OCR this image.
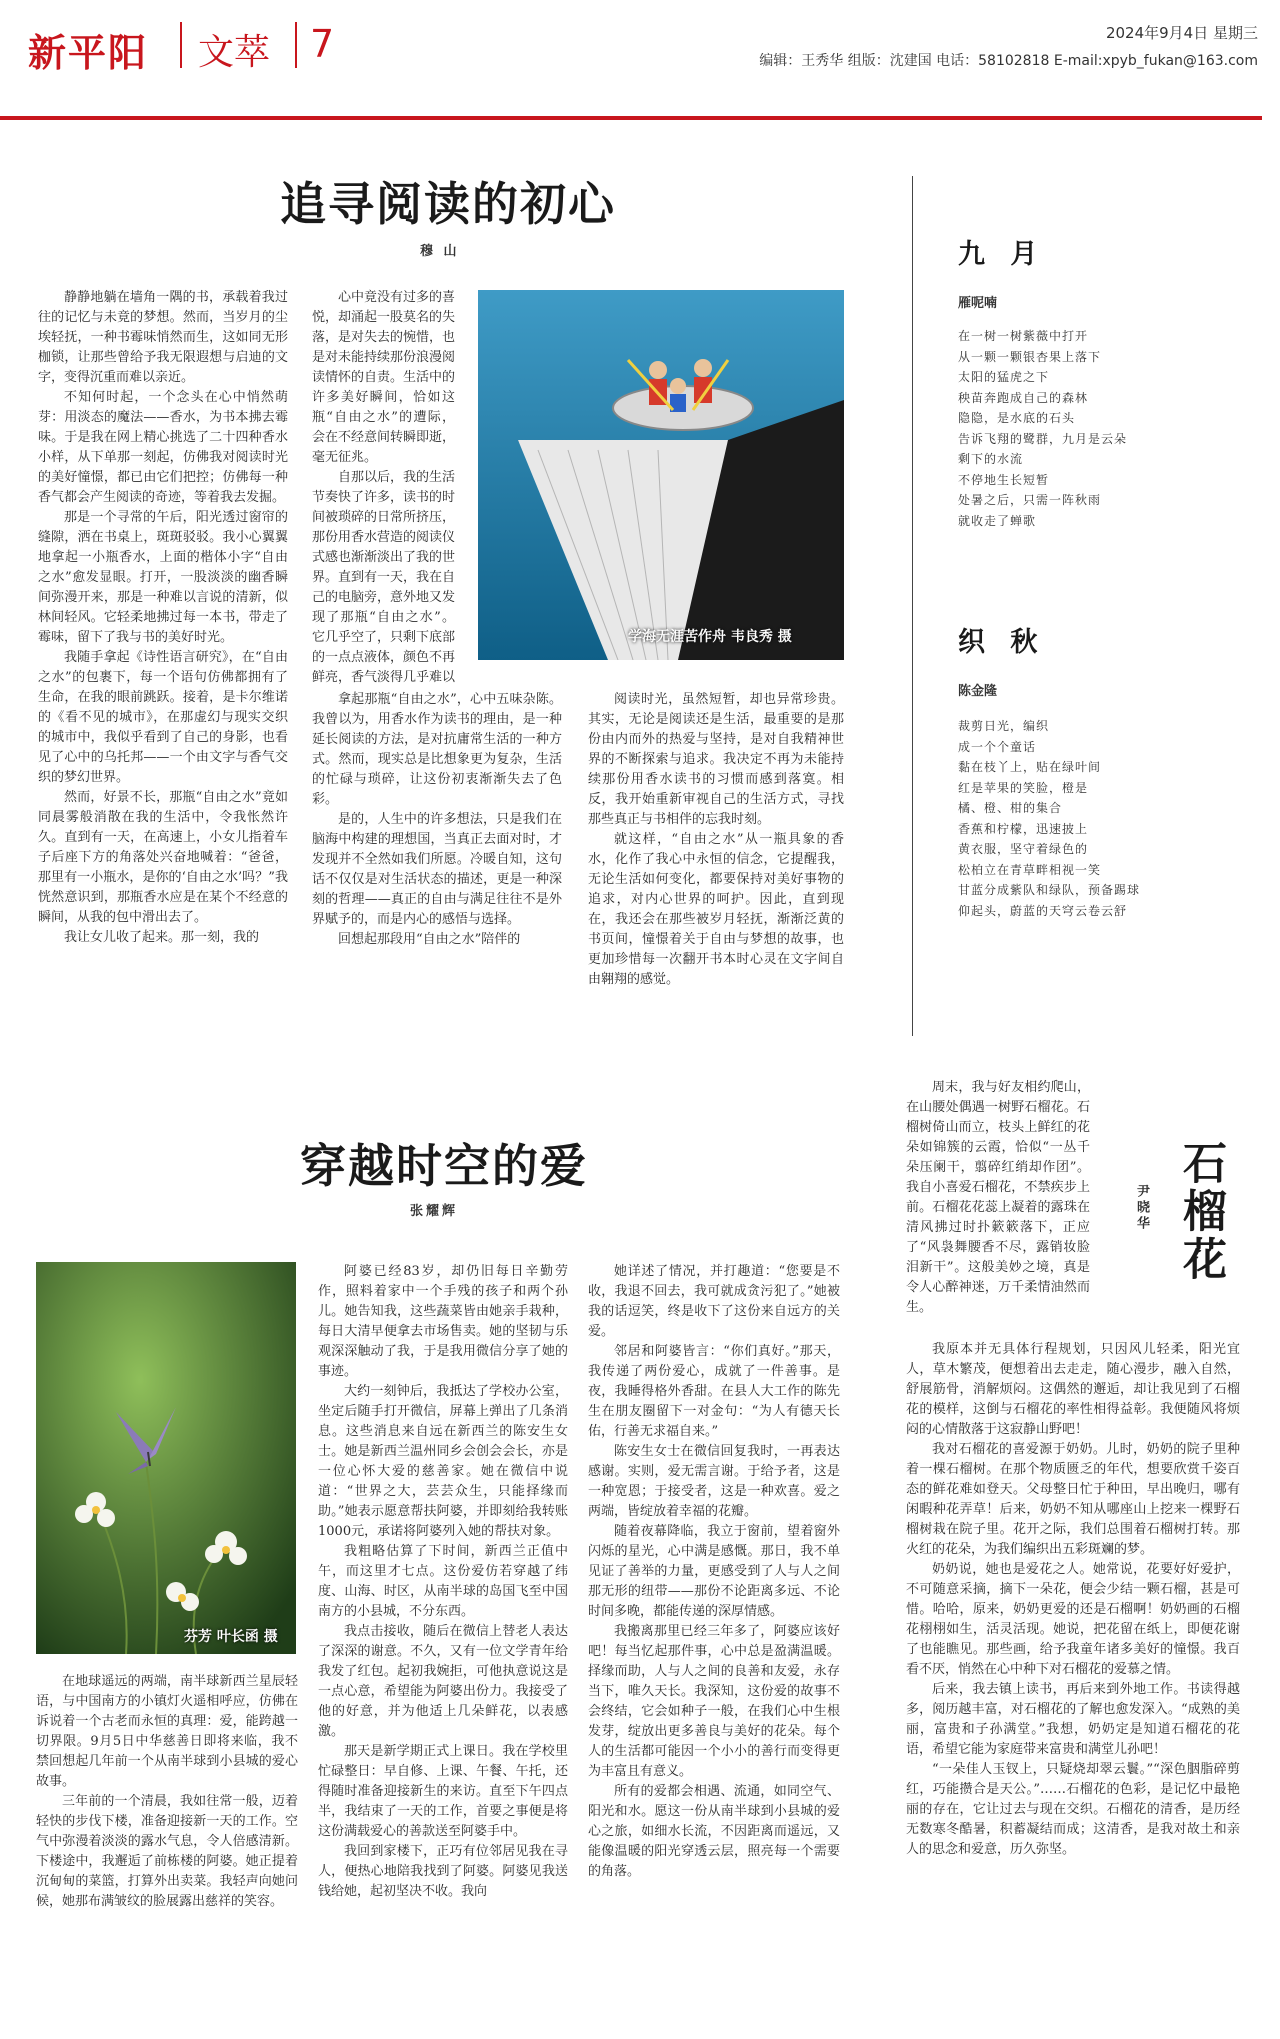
新平阳 文萃 7	2024年9月4日 星期三
编辑：王秀华 组版：沈建国 电话：58102818 E-mail:xpyb_fukan@163.com
追寻阅读的初心
穆 山

静静地躺在墙角一隅的书，承载着我过往的记忆与未竟的梦想。然而，当岁月的尘埃轻抚，一种书霉味悄然而生，这如同无形枷锁，让那些曾给予我无限遐想与启迪的文字，变得沉重而难以亲近。

不知何时起，一个念头在心中悄然萌芽：用淡态的魔法——香水，为书本拂去霉味。于是我在网上精心挑选了二十四种香水小样，从下单那一刻起，仿佛我对阅读时光的美好憧憬，都已由它们把控；仿佛每一种香气都会产生阅读的奇迹，等着我去发掘。

那是一个寻常的午后，阳光透过窗帘的缝隙，洒在书桌上，斑斑驳驳。我小心翼翼地拿起一小瓶香水，上面的楷体小字“自由之水”愈发显眼。打开，一股淡淡的幽香瞬间弥漫开来，那是一种难以言说的清新，似林间轻风。它轻柔地拂过每一本书，带走了霉味，留下了我与书的美好时光。

我随手拿起《诗性语言研究》，在“自由之水”的包裹下，每一个语句仿佛都拥有了生命，在我的眼前跳跃。接着，是卡尔维诺的《看不见的城市》，在那虚幻与现实交织的城市中，我似乎看到了自己的身影，也看见了心中的乌托邦——一个由文字与香气交织的梦幻世界。

然而，好景不长，那瓶“自由之水”竟如同晨雾般消散在我的生活中，令我怅然许久。直到有一天，在高速上，小女儿指着车子后座下方的角落处兴奋地喊着：“爸爸，那里有一小瓶水，是你的‘自由之水’吗？”我恍然意识到，那瓶香水应是在某个不经意的瞬间，从我的包中滑出去了。

我让女儿收了起来。那一刻，我的

心中竟没有过多的喜悦，却涌起一股莫名的失落，是对失去的惋惜，也是对未能持续那份浪漫阅读情怀的自责。生活中的许多美好瞬间，恰如这瓶“自由之水”的遭际，会在不经意间转瞬即逝，毫无征兆。

自那以后，我的生活节奏快了许多，读书的时间被琐碎的日常所挤压，那份用香水营造的阅读仪式感也渐渐淡出了我的世界。直到有一天，我在自己的电脑旁，意外地又发现了那瓶“自由之水”。它几乎空了，只剩下底部的一点点液体，颜色不再鲜亮，香气淡得几乎难以

拿起那瓶“自由之水”，心中五味杂陈。我曾以为，用香水作为读书的理由，是一种延长阅读的方法，是对抗庸常生活的一种方式。然而，现实总是比想象更为复杂，生活的忙碌与琐碎，让这份初衷渐渐失去了色彩。

是的，人生中的许多想法，只是我们在脑海中构建的理想国，当真正去面对时，才发现并不全然如我们所愿。冷暖自知，这句话不仅仅是对生活状态的描述，更是一种深刻的哲理——真正的自由与满足往往不是外界赋予的，而是内心的感悟与选择。

回想起那段用“自由之水”陪伴的

学海无涯苦作舟 韦良秀 摄

阅读时光，虽然短暂，却也异常珍贵。其实，无论是阅读还是生活，最重要的是那份由内而外的热爱与坚持，是对自我精神世界的不断探索与追求。我决定不再为未能持续那份用香水读书的习惯而感到落寞。相反，我开始重新审视自己的生活方式，寻找那些真正与书相伴的忘我时刻。

就这样，“自由之水”从一瓶具象的香水，化作了我心中永恒的信念，它提醒我，无论生活如何变化，都要保持对美好事物的追求，对内心世界的呵护。因此，直到现在，我还会在那些被岁月轻抚，渐渐泛黄的书页间，憧憬着关于自由与梦想的故事，也更加珍惜每一次翻开书本时心灵在文字间自由翱翔的感觉。

九 月
雁呢喃
在一树一树紫薇中打开
从一颗一颗银杏果上落下
太阳的猛虎之下
秧苗奔跑成自己的森林
隐隐，是水底的石头
告诉飞翔的鹭群，九月是云朵
剩下的水流
不停地生长短暂
处暑之后，只需一阵秋雨
就收走了蝉歌
织 秋
陈金隆
裁剪日光，编织
成一个个童话
黏在枝丫上，贴在绿叶间
红是苹果的笑脸，橙是
橘、橙、柑的集合
香蕉和柠檬，迅速披上
黄衣服，坚守着绿色的
松柏立在青草畔相视一笑
甘蓝分成紫队和绿队，预备踢球
仰起头，蔚蓝的天穹云卷云舒
穿越时空的爱
张耀辉
芬芳 叶长函 摄

在地球遥远的两端，南半球新西兰星辰轻语，与中国南方的小镇灯火遥相呼应，仿佛在诉说着一个古老而永恒的真理：爱，能跨越一切界限。9月5日中华慈善日即将来临，我不禁回想起几年前一个从南半球到小县城的爱心故事。

三年前的一个清晨，我如往常一般，迈着轻快的步伐下楼，准备迎接新一天的工作。空气中弥漫着淡淡的露水气息，令人倍感清新。下楼途中，我邂逅了前栋楼的阿婆。她正提着沉甸甸的菜篮，打算外出卖菜。我轻声向她问候，她那布满皱纹的脸展露出慈祥的笑容。

阿婆已经83岁，却仍旧每日辛勤劳作，照料着家中一个手残的孩子和两个孙儿。她告知我，这些蔬菜皆由她亲手栽种，每日大清早便拿去市场售卖。她的坚韧与乐观深深触动了我，于是我用微信分享了她的事迹。

大约一刻钟后，我抵达了学校办公室，坐定后随手打开微信，屏幕上弹出了几条消息。这些消息来自远在新西兰的陈安生女士。她是新西兰温州同乡会创会会长，亦是一位心怀大爱的慈善家。她在微信中说道：“世界之大，芸芸众生，只能择缘而助。”她表示愿意帮扶阿婆，并即刻给我转账1000元，承诺将阿婆列入她的帮扶对象。

我粗略估算了下时间，新西兰正值中午，而这里才七点。这份爱仿若穿越了纬度、山海、时区，从南半球的岛国飞至中国南方的小县城，不分东西。

我点击接收，随后在微信上替老人表达了深深的谢意。不久，又有一位文学青年给我发了红包。起初我婉拒，可他执意说这是一点心意，希望能为阿婆出份力。我接受了他的好意，并为他适上几朵鲜花，以表感激。

那天是新学期正式上课日。我在学校里忙碌整日：早自修、上课、午餐、午托，还得随时准备迎接新生的来访。直至下午四点半，我结束了一天的工作，首要之事便是将这份满载爱心的善款送至阿婆手中。

我回到家楼下，正巧有位邻居见我在寻人，便热心地陪我找到了阿婆。阿婆见我送钱给她，起初坚决不收。我向

她详述了情况，并打趣道：“您要是不收，我退不回去，我可就成贪污犯了。”她被我的话逗笑，终是收下了这份来自远方的关爱。

邻居和阿婆皆言：“你们真好。”那天，我传递了两份爱心，成就了一件善事。是夜，我睡得格外香甜。在县人大工作的陈先生在朋友圈留下一对金句：“为人有德天长佑，行善无求福自来。”

陈安生女士在微信回复我时，一再表达感谢。实则，爱无需言谢。于给予者，这是一种宽恩；于接受者，这是一种欢喜。爱之两端，皆绽放着幸福的花瓣。

随着夜幕降临，我立于窗前，望着窗外闪烁的星光，心中满是感慨。那日，我不单见证了善举的力量，更感受到了人与人之间那无形的纽带——那份不论距离多远、不论时间多晚，都能传递的深厚情感。

我搬离那里已经三年多了，阿婆应该好吧！每当忆起那件事，心中总是盈满温暖。择缘而助，人与人之间的良善和友爱，永存当下，唯久天长。我深知，这份爱的故事不会终结，它会如种子一般，在我们心中生根发芽，绽放出更多善良与美好的花朵。每个人的生活都可能因一个小小的善行而变得更为丰富且有意义。

所有的爱都会相遇、流通，如同空气、阳光和水。愿这一份从南半球到小县城的爱心之旅，如细水长流，不因距离而遥远，又能像温暖的阳光穿透云层，照亮每一个需要的角落。

石榴花
尹晓华

周末，我与好友相约爬山，在山腰处偶遇一树野石榴花。石榴树倚山而立，枝头上鲜红的花朵如锦簇的云霞，恰似“一丛千朵压阑干，翦碎红绡却作团”。我自小喜爱石榴花，不禁疾步上前。石榴花花蕊上凝着的露珠在清风拂过时扑簌簌落下，正应了“风袅舞腰香不尽，露销妆脸泪新干”。这般美妙之境，真是令人心醉神迷，万千柔情油然而生。

我原本并无具体行程规划，只因风儿轻柔，阳光宜人，草木繁茂，便想着出去走走，随心漫步，融入自然，舒展筋骨，消解烦闷。这偶然的邂逅，却让我见到了石榴花的模样，这倒与石榴花的率性相得益彰。我便随风将烦闷的心情散落于这寂静山野吧！

我对石榴花的喜爱源于奶奶。儿时，奶奶的院子里种着一棵石榴树。在那个物质匮乏的年代，想要欣赏千姿百态的鲜花难如登天。父母整日忙于种田，早出晚归，哪有闲暇种花弄草！后来，奶奶不知从哪座山上挖来一棵野石榴树栽在院子里。花开之际，我们总围着石榴树打转。那火红的花朵，为我们编织出五彩斑斓的梦。

奶奶说，她也是爱花之人。她常说，花要好好爱护，不可随意采摘，摘下一朵花，便会少结一颗石榴，甚是可惜。哈哈，原来，奶奶更爱的还是石榴啊！奶奶画的石榴花栩栩如生，活灵活现。她说，把花留在纸上，即便花谢了也能瞧见。那些画，给予我童年诸多美好的憧憬。我百看不厌，悄然在心中种下对石榴花的爱慕之情。

后来，我去镇上读书，再后来到外地工作。书读得越多，阅历越丰富，对石榴花的了解也愈发深入。“成熟的美丽，富贵和子孙满堂。”我想，奶奶定是知道石榴花的花语，希望它能为家庭带来富贵和满堂儿孙吧！

“一朵佳人玉钗上，只疑烧却翠云鬟。”“深色胭脂碎剪红，巧能攒合是天公。”……石榴花的色彩，是记忆中最艳丽的存在，它让过去与现在交织。石榴花的清香，是历经无数寒冬酷暑，积蓄凝结而成；这清香，是我对故土和亲人的思念和爱意，历久弥坚。
